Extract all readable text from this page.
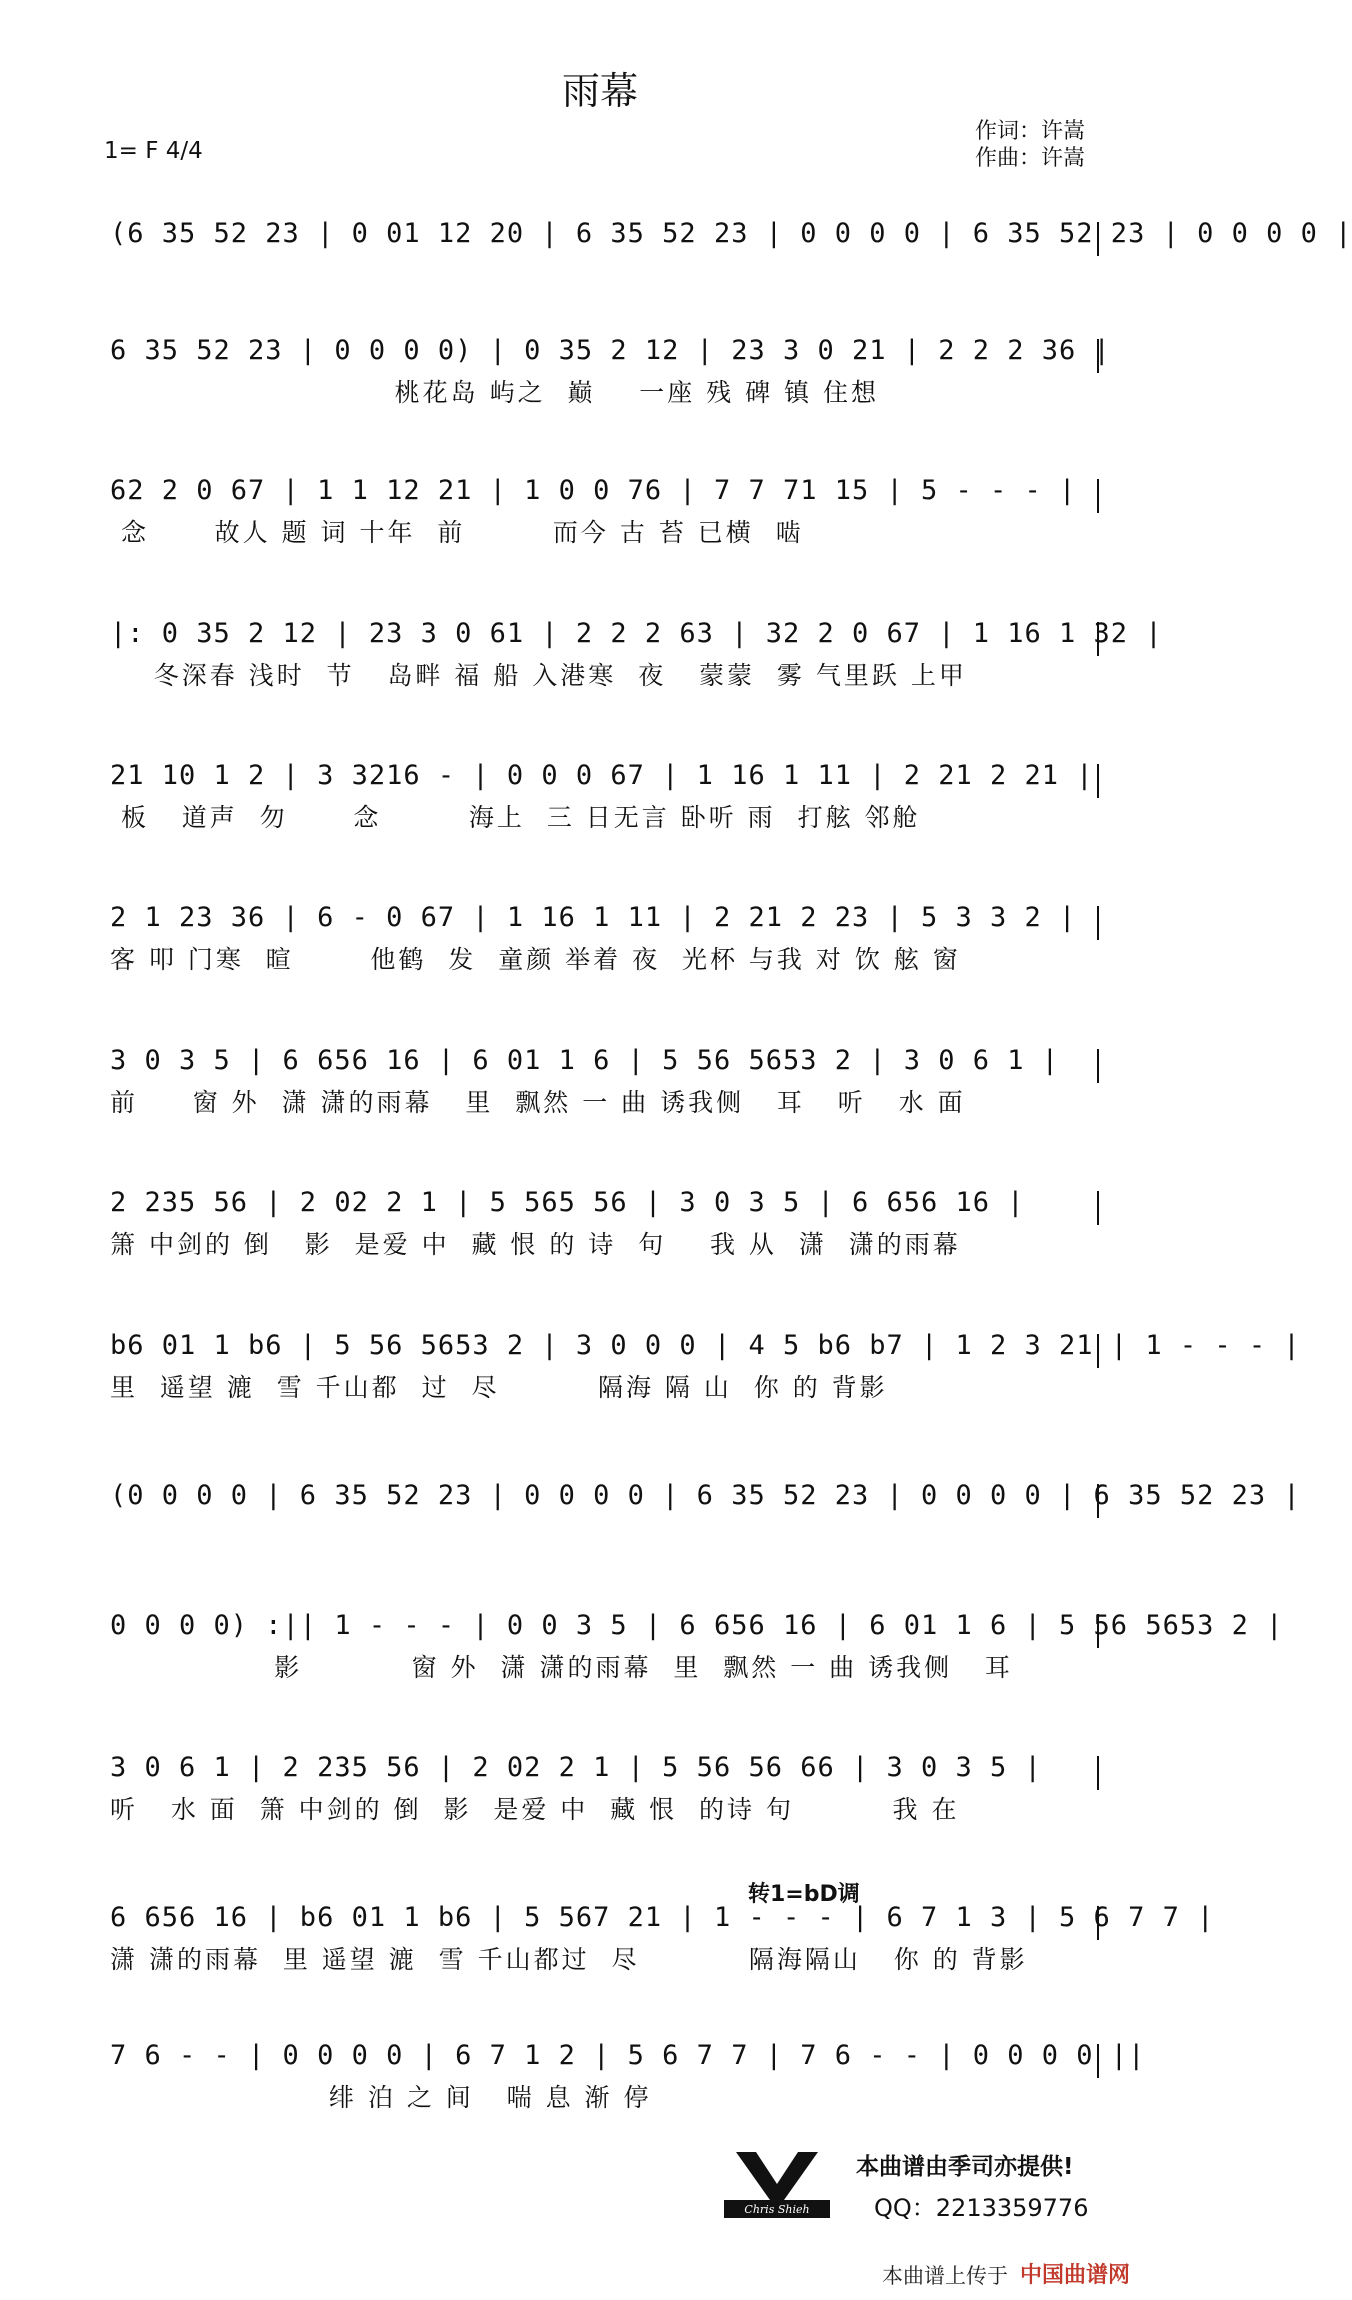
雨幕
1= F 4/4
作词：许嵩
作曲：许嵩
(6 35 52 23 | 0 01 12 20 | 6 35 52 23 | 0 0 0 0 | 6 35 52 23 | 0 0 0 0 |
6 35 52 23 | 0 0 0 0) | 0 35 2 12 | 23 3 0 21 | 2 2 2 36 |
桃花岛 屿之  巅    一座 残 碑 镇 住想
62 2 0 67 | 1 1 12 21 | 1 0 0 76 | 7 7 71 15 | 5 - - - |
念      故人 题 词 十年  前        而今 古 苔 已横  啮
|: 0 35 2 12 | 23 3 0 61 | 2 2 2 63 | 32 2 0 67 | 1 16 1 32 |
冬深春 浅时  节   岛畔 福 船 入港寒  夜   蒙蒙  雾 气里跃 上甲
21 10 1 2 | 3 3216 - | 0 0 0 67 | 1 16 1 11 | 2 21 2 21 |
板   道声  勿      念        海上  三 日无言 卧听 雨  打舷 邻舱
2 1 23 36 | 6 - 0 67 | 1 16 1 11 | 2 21 2 23 | 5 3 3 2 |
客 叩 门寒  暄       他鹤  发  童颜 举着 夜  光杯 与我 对 饮 舷 窗
3 0 3 5 | 6 656 16 | 6 01 1 6 | 5 56 5653 2 | 3 0 6 1 |
前     窗 外  潇 潇的雨幕   里  飘然 一 曲 诱我侧   耳   听   水 面
2 235 56 | 2 02 2 1 | 5 565 56 | 3 0 3 5 | 6 656 16 |
箫 中剑的 倒   影  是爱 中  藏 恨 的 诗  句    我 从  潇  潇的雨幕
b6 01 1 b6 | 5 56 5653 2 | 3 0 0 0 | 4 5 b6 b7 | 1 2 3 21 | 1 - - - |
里  遥望 漉  雪 千山都  过  尽         隔海 隔 山  你 的 背影
(0 0 0 0 | 6 35 52 23 | 0 0 0 0 | 6 35 52 23 | 0 0 0 0 | 6 35 52 23 |
0 0 0 0) :|| 1 - - - | 0 0 3 5 | 6 656 16 | 6 01 1 6 | 5 56 5653 2 |
影          窗 外  潇 潇的雨幕  里  飘然 一 曲 诱我侧   耳
3 0 6 1 | 2 235 56 | 2 02 2 1 | 5 56 56 66 | 3 0 3 5 |
听   水 面  箫 中剑的 倒  影  是爱 中  藏 恨  的诗 句         我 在
6 656 16 | b6 01 1 b6 | 5 567 21 | 1 - - - | 6 7 1 3 | 5 6 7 7 |
潇 潇的雨幕  里 遥望 漉  雪 千山都过  尽          隔海隔山   你 的 背影
7 6 - - | 0 0 0 0 | 6 7 1 2 | 5 6 7 7 | 7 6 - - | 0 0 0 0 ||
绯 泊 之 间   喘 息 渐 停
转1=bD调
Chris Shieh
本曲谱由季司亦提供!
QQ：2213359776
本曲谱上传于 中国曲谱网
